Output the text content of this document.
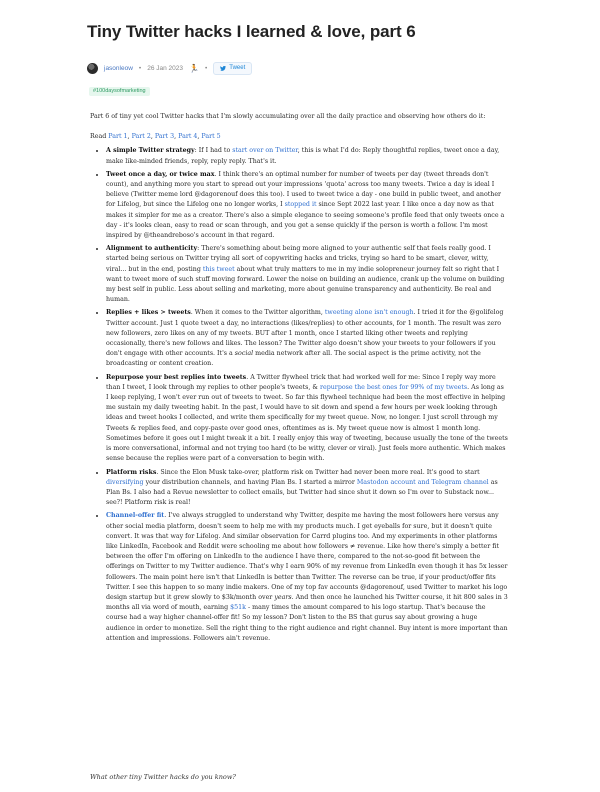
Tiny Twitter hacks I learned & love, part 6
jasonleow • 26 Jan 2023 🏃 •	Tweet
#100daysofmarketing

Part 6 of tiny yet cool Twitter hacks that I'm slowly accumulating over all the daily practice and observing how others do it:

Read Part 1, Part 2, Part 3, Part 4, Part 5

• A simple Twitter strategy: If I had to start over on Twitter, this is what I'd do: Reply thoughtful replies, tweet once a day, make like-minded friends, reply, reply reply. That's it.
• Tweet once a day, or twice max. I think there's an optimal number for number of tweets per day (tweet threads don't count), and anything more you start to spread out your impressions 'quota' across too many tweets. Twice a day is ideal I believe (Twitter meme lord @dagorenouf does this too). I used to tweet twice a day - one build in public tweet, and another for Lifelog, but since the Lifelog one no longer works, I stopped it since Sept 2022 last year. I like once a day now as that makes it simpler for me as a creator. There's also a simple elegance to seeing someone's profile feed that only tweets once a day - it's looks clean, easy to read or scan through, and you get a sense quickly if the person is worth a follow. I'm most inspired by @theandreboso's account in that regard.
• Alignment to authenticity: There's something about being more aligned to your authentic self that feels really good. I started being serious on Twitter trying all sort of copywriting hacks and tricks, trying so hard to be smart, clever, witty, viral... but in the end, posting this tweet about what truly matters to me in my indie solopreneur journey felt so right that I want to tweet more of such stuff moving forward. Lower the noise on building an audience, crank up the volume on building my best self in public. Less about selling and marketing, more about genuine transparency and authenticity. Be real and human.
• Replies + likes > tweets. When it comes to the Twitter algorithm, tweeting alone isn't enough. I tried it for the @golifelog Twitter account. Just 1 quote tweet a day, no interactions (likes/replies) to other accounts, for 1 month. The result was zero new followers, zero likes on any of my tweets. BUT after 1 month, once I started liking other tweets and replying occasionally, there's new follows and likes. The lesson? The Twitter algo doesn't show your tweets to your followers if you don't engage with other accounts. It's a social media network after all. The social aspect is the prime activity, not the broadcasting or content creation.
• Repurpose your best replies into tweets. A Twitter flywheel trick that had worked well for me: Since I reply way more than I tweet, I look through my replies to other people's tweets, & repurpose the best ones for 99% of my tweets. As long as I keep replying, I won't ever run out of tweets to tweet. So far this flywheel technique had been the most effective in helping me sustain my daily tweeting habit. In the past, I would have to sit down and spend a few hours per week looking through ideas and tweet hooks I collected, and write them specifically for my tweet queue. Now, no longer. I just scroll through my Tweets & replies feed, and copy-paste over good ones, oftentimes as is. My tweet queue now is almost 1 month long. Sometimes before it goes out I might tweak it a bit. I really enjoy this way of tweeting, because usually the tone of the tweets is more conversational, informal and not trying too hard (to be witty, clever or viral). Just feels more authentic. Which makes sense because the replies were part of a conversation to begin with.
• Platform risks. Since the Elon Musk take-over, platform risk on Twitter had never been more real. It's good to start diversifying your distribution channels, and having Plan Bs. I started a mirror Mastodon account and Telegram channel as Plan Bs. I also had a Revue newsletter to collect emails, but Twitter had since shut it down so I'm over to Substack now... see?! Platform risk is real!
• Channel-offer fit. I've always struggled to understand why Twitter, despite me having the most followers here versus any other social media platform, doesn't seem to help me with my products much. I get eyeballs for sure, but it doesn't quite convert. It was that way for Lifelog. And similar observation for Carrd plugins too. And my experiments in other platforms like LinkedIn, Facebook and Reddit were schooling me about how followers ≠ revenue. Like how there's simply a better fit between the offer I'm offering on LinkedIn to the audience I have there, compared to the not-so-good fit between the offerings on Twitter to my Twitter audience. That's why I earn 90% of my revenue from LinkedIn even though it has 5x lesser followers. The main point here isn't that LinkedIn is better than Twitter. The reverse can be true, if your product/offer fits Twitter. I see this happen to so many indie makers. One of my top fav accounts @dagorenouf, used Twitter to market his logo design startup but it grew slowly to $3k/month over years. And then once he launched his Twitter course, it hit 800 sales in 3 months all via word of mouth, earning $51k - many times the amount compared to his logo startup. That's because the course had a way higher channel-offer fit! So my lesson? Don't listen to the BS that gurus say about growing a huge audience in order to monetize. Sell the right thing to the right audience and right channel. Buy intent is more important than attention and impressions. Followers ain't revenue.

What other tiny Twitter hacks do you know?
